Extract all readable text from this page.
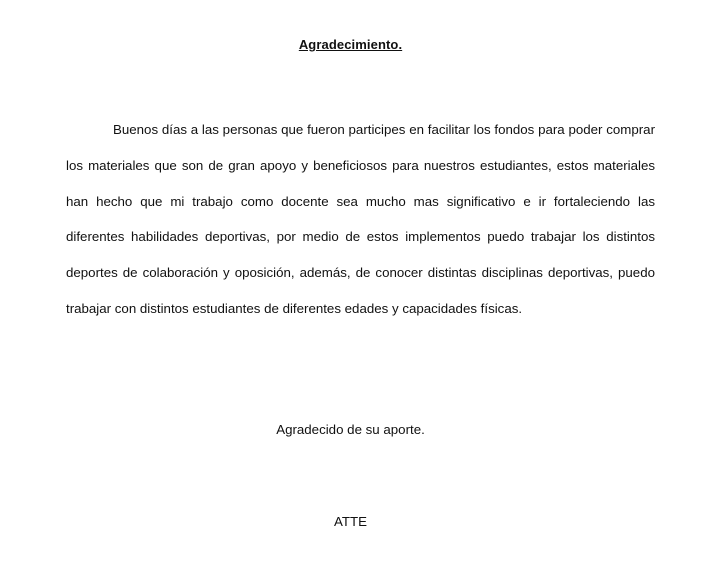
Agradecimiento.

Buenos días a las personas que fueron participes en facilitar los fondos para poder comprar los materiales que son de gran apoyo y beneficiosos para nuestros estudiantes, estos materiales han hecho que mi trabajo como docente sea mucho mas significativo e ir fortaleciendo las diferentes habilidades deportivas, por medio de estos implementos puedo trabajar los distintos deportes de colaboración y oposición, además, de conocer distintas disciplinas deportivas, puedo trabajar con distintos estudiantes de diferentes edades y capacidades físicas.

Agradecido de su aporte.
ATTE
